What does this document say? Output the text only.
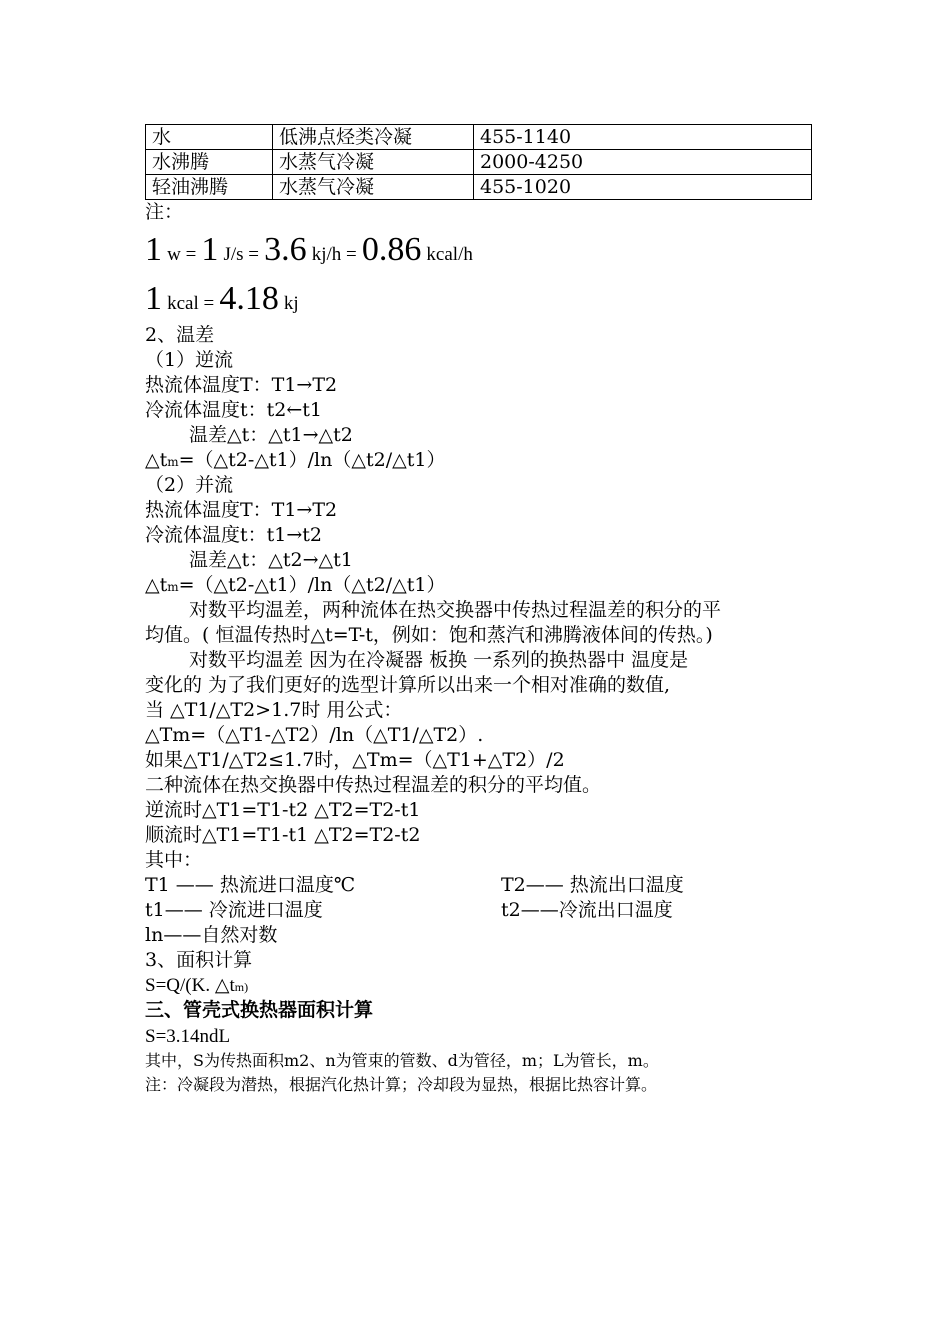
水	低沸点烃类冷凝	455-1140
水沸腾	水蒸气冷凝	2000-4250
轻油沸腾	水蒸气冷凝	455-1020
注：
1 w = 1 J/s = 3.6 kj/h = 0.86 kcal/h
1 kcal = 4.18 kj
2、温差
（1）逆流
热流体温度T：T1→T2
冷流体温度t：t2←t1
温差△t：△t1→△t2
△tm=（△t2-△t1）/ln（△t2/△t1）
（2）并流
热流体温度T：T1→T2
冷流体温度t：t1→t2
温差△t：△t2→△t1
△tm=（△t2-△t1）/ln（△t2/△t1）
对数平均温差，两种流体在热交换器中传热过程温差的积分的平
均值。( 恒温传热时△t=T-t，例如：饱和蒸汽和沸腾液体间的传热。)
对数平均温差 因为在冷凝器 板换 一系列的换热器中 温度是
变化的 为了我们更好的选型计算所以出来一个相对准确的数值,
当 △T1/△T2>1.7时 用公式：
△Tm=（△T1-△T2）/ln（△T1/△T2）.
如果△T1/△T2≤1.7时，△Tm=（△T1+△T2）/2
二种流体在热交换器中传热过程温差的积分的平均值。
逆流时△T1=T1-t2 △T2=T2-t1
顺流时△T1=T1-t1 △T2=T2-t2
其中：
T1 —— 热流进口温度℃	T2—— 热流出口温度
t1—— 冷流进口温度	t2——冷流出口温度
ln——自然对数
3、面积计算
S=Q/(K. △tm)
三、管壳式换热器面积计算
S=3.14ndL
其中，S为传热面积m2、n为管束的管数、d为管径，m；L为管长，m。
注：冷凝段为潜热，根据汽化热计算；冷却段为显热，根据比热容计算。
